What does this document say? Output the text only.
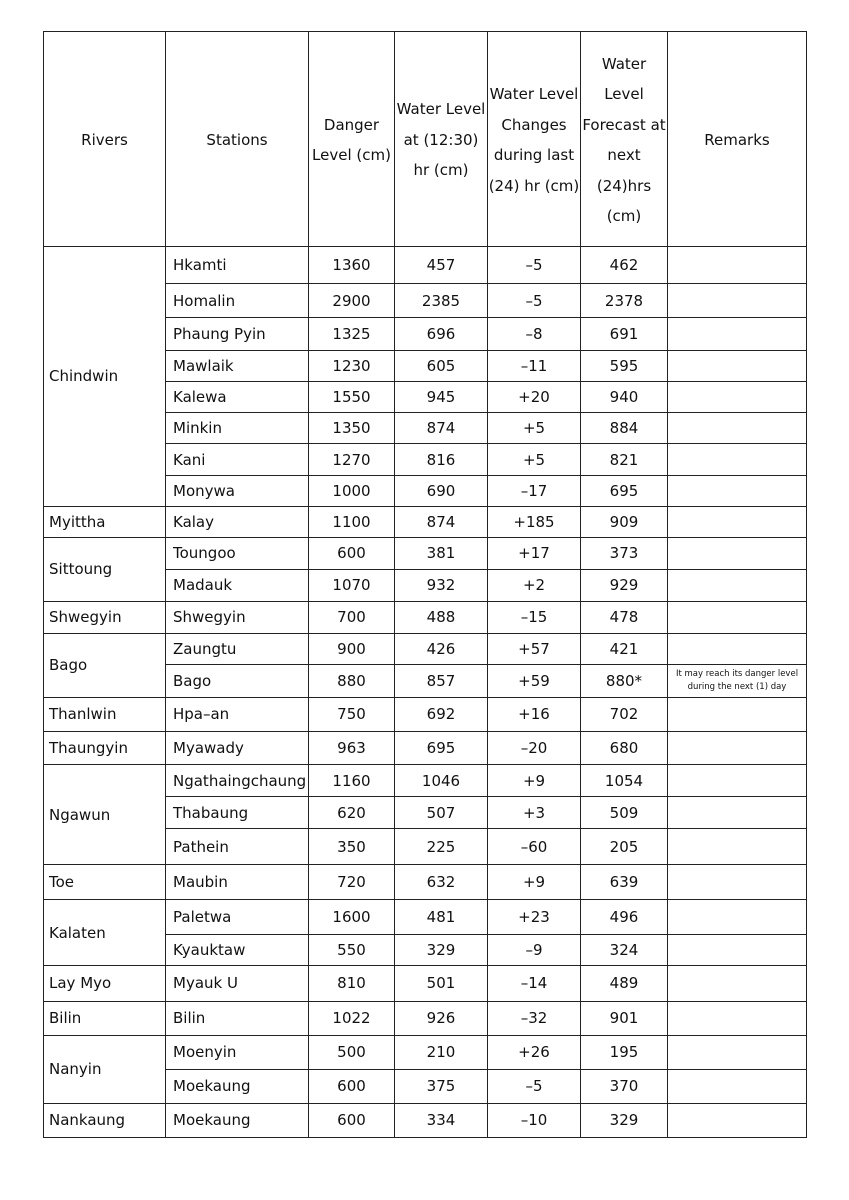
Rivers	Stations	Danger Level (cm)	Water Level at (12:30) hr (cm)	Water Level Changes during last (24) hr (cm)	Water Level Forecast at next (24)hrs (cm)	Remarks
Chindwin	Hkamti	1360	457	–5	462	
	Homalin	2900	2385	–5	2378	
	Phaung Pyin	1325	696	–8	691	
	Mawlaik	1230	605	–11	595	
	Kalewa	1550	945	+20	940	
	Minkin	1350	874	+5	884	
	Kani	1270	816	+5	821	
	Monywa	1000	690	–17	695	
Myittha	Kalay	1100	874	+185	909	
Sittoung	Toungoo	600	381	+17	373	
	Madauk	1070	932	+2	929	
Shwegyin	Shwegyin	700	488	–15	478	
Bago	Zaungtu	900	426	+57	421	
	Bago	880	857	+59	880*	It may reach its danger level during the next (1) day
Thanlwin	Hpa–an	750	692	+16	702	
Thaungyin	Myawady	963	695	–20	680	
Ngawun	Ngathaingchaung	1160	1046	+9	1054	
	Thabaung	620	507	+3	509	
	Pathein	350	225	–60	205	
Toe	Maubin	720	632	+9	639	
Kalaten	Paletwa	1600	481	+23	496	
	Kyauktaw	550	329	–9	324	
Lay Myo	Myauk U	810	501	–14	489	
Bilin	Bilin	1022	926	–32	901	
Nanyin	Moenyin	500	210	+26	195	
	Moekaung	600	375	–5	370	
Nankaung	Moekaung	600	334	–10	329	
